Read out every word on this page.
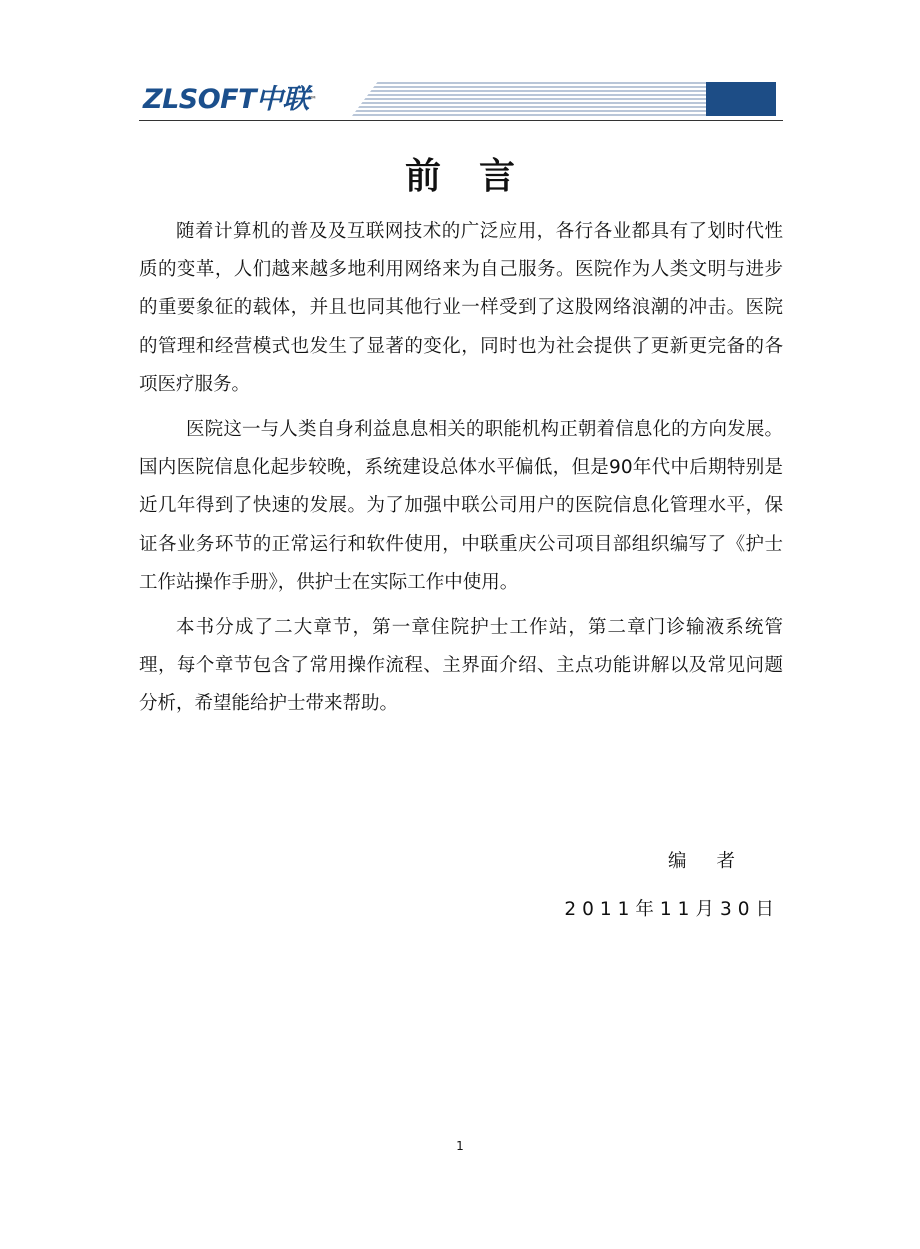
ZLSOFT中联™
前言

随着计算机的普及及互联网技术的广泛应用，各行各业都具有了划时代性质的变革，人们越来越多地利用网络来为自己服务。医院作为人类文明与进步的重要象征的载体，并且也同其他行业一样受到了这股网络浪潮的冲击。医院的管理和经营模式也发生了显著的变化，同时也为社会提供了更新更完备的各项医疗服务。

医院这一与人类自身利益息息相关的职能机构正朝着信息化的方向发展。国内医院信息化起步较晚，系统建设总体水平偏低，但是90年代中后期特别是近几年得到了快速的发展。为了加强中联公司用户的医院信息化管理水平，保证各业务环节的正常运行和软件使用，中联重庆公司项目部组织编写了《护士工作站操作手册》，供护士在实际工作中使用。

本书分成了二大章节，第一章住院护士工作站，第二章门诊输液系统管理，每个章节包含了常用操作流程、主界面介绍、主点功能讲解以及常见问题分析，希望能给护士带来帮助。

编者
2011年11月30日
1
